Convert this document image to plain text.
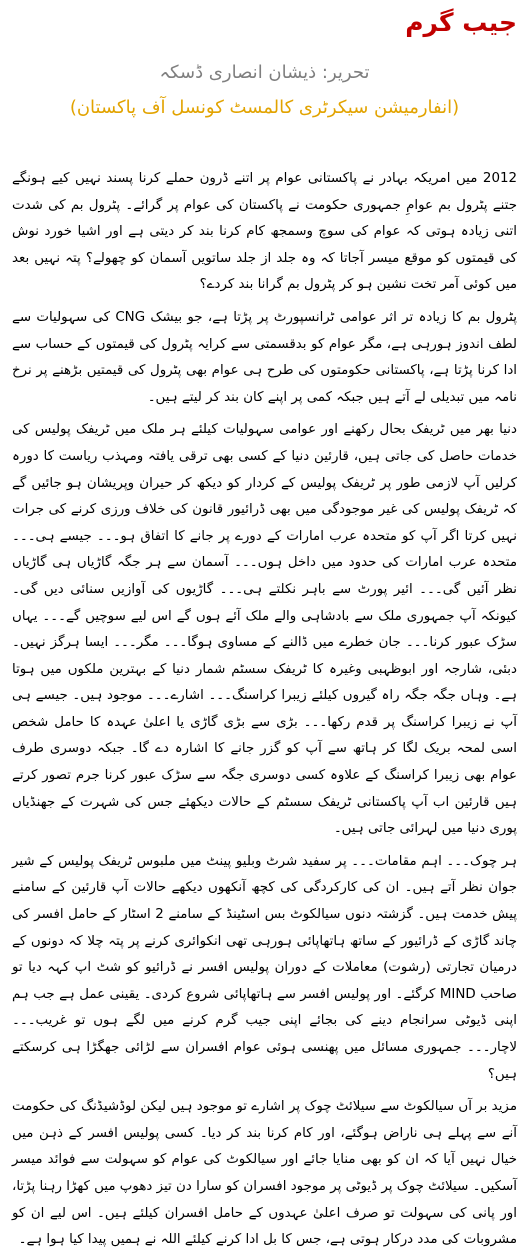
جیب گرم
تحریر: ذیشان انصاری ڈسکہ
(انفارمیشن سیکرٹری کالمسٹ کونسل آف پاکستان)

2012 میں امریکہ بہادر نے پاکستانی عوام پر اتنے ڈرون حملے کرنا پسند نہیں کیے ہونگے جتنے پٹرول بم عوامِ جمہوری حکومت نے پاکستان کی عوام پر گرائے۔ پٹرول بم کی شدت اتنی زیادہ ہوتی کہ عوام کی سوچ وسمجھ کام کرنا بند کر دیتی ہے اور اشیا خورد نوش کی قیمتوں کو موقع میسر آجاتا کہ وہ جلد از جلد ساتویں آسمان کو چھولے؟ پتہ نہیں بعد میں کوئی آمر تخت نشین ہو کر پٹرول بم گرانا بند کردے؟

پٹرول بم کا زیادہ تر اثر عوامی ٹرانسپورٹ پر پڑتا ہے، جو بیشک CNG کی سہولیات سے لطف اندوز ہورہی ہے، مگر عوام کو بدقسمتی سے کرایہ پٹرول کی قیمتوں کے حساب سے ادا کرنا پڑتا ہے، پاکستانی حکومتوں کی طرح ہی عوام بھی پٹرول کی قیمتیں بڑھنے پر نرخ نامہ میں تبدیلی لے آتے ہیں جبکہ کمی پر اپنے کان بند کر لیتے ہیں۔

دنیا بھر میں ٹریفک بحال رکھنے اور عوامی سہولیات کیلئے ہر ملک میں ٹریفک پولیس کی خدمات حاصل کی جاتی ہیں، قارئین دنیا کے کسی بھی ترقی یافتہ ومہذب ریاست کا دورہ کرلیں آپ لازمی طور پر ٹریفک پولیس کے کردار کو دیکھ کر حیران وپریشان ہو جائیں گے کہ ٹریفک پولیس کی غیر موجودگی میں بھی ڈرائیور قانون کی خلاف ورزی کرنے کی جرات نہیں کرتا اگر آپ کو متحدہ عرب امارات کے دورے پر جانے کا اتفاق ہو۔۔۔ جیسے ہی۔۔۔ متحدہ عرب امارات کی حدود میں داخل ہوں۔۔۔ آسمان سے ہر جگہ گاڑیاں ہی گاڑیاں نظر آئیں گی۔۔۔ ائیر پورٹ سے باہر نکلتے ہی۔۔۔ گاڑیوں کی آوازیں سنائی دیں گی۔ کیونکہ آپ جمہوری ملک سے بادشاہی والے ملک آئے ہوں گے اس لیے سوچیں گے۔۔۔ یہاں سڑک عبور کرنا۔۔۔ جان خطرے میں ڈالنے کے مساوی ہوگا۔۔۔ مگر۔۔۔ ایسا ہرگز نہیں۔ دبئی، شارجہ اور ابوظہبی وغیرہ کا ٹریفک سسٹم شمار دنیا کے بہترین ملکوں میں ہوتا ہے۔ وہاں جگہ جگہ راہ گیروں کیلئے زیبرا کراسنگ۔۔۔ اشارے۔۔۔ موجود ہیں۔ جیسے ہی آپ نے زیبرا کراسنگ پر قدم رکھا۔۔۔ بڑی سے بڑی گاڑی یا اعلیٰ عہدہ کا حامل شخص اسی لمحہ بریک لگا کر ہاتھ سے آپ کو گزر جانے کا اشارہ دے گا۔ جبکہ دوسری طرف عوام بھی زیبرا کراسنگ کے علاوہ کسی دوسری جگہ سے سڑک عبور کرنا جرم تصور کرتے ہیں قارئین اب آپ پاکستانی ٹریفک سسٹم کے حالات دیکھئے جس کی شہرت کے جھنڈیاں پوری دنیا میں لہرائی جاتی ہیں۔

ہر چوک۔۔۔ اہم مقامات۔۔۔ پر سفید شرٹ وبلیو پینٹ میں ملبوس ٹریفک پولیس کے شیر جوان نظر آتے ہیں۔ ان کی کارکردگی کی کچھ آنکھوں دیکھے حالات آپ قارئین کے سامنے پیش خدمت ہیں۔ گزشتہ دنوں سیالکوٹ بس اسٹینڈ کے سامنے 2 اسٹار کے حامل افسر کی چاند گاڑی کے ڈرائیور کے ساتھ ہاتھاپائی ہورہی تھی انکوائری کرنے پر پتہ چلا کہ دونوں کے درمیان تجارتی (رشوت) معاملات کے دوران پولیس افسر نے ڈرائیو کو شٹ اپ کہہ دیا تو صاحب MIND کرگئے۔ اور پولیس افسر سے ہاتھاپائی شروع کردی۔ یقینی عمل ہے جب ہم اپنی ڈیوٹی سرانجام دینے کی بجائے اپنی جیب گرم کرنے میں لگے ہوں تو غریب۔۔۔ لاچار۔۔۔ جمہوری مسائل میں پھنسی ہوئی عوام افسران سے لڑائی جھگڑا ہی کرسکتے ہیں؟

مزید بر آں سیالکوٹ سے سیلائٹ چوک پر اشارے تو موجود ہیں لیکن لوڈشیڈنگ کی حکومت آنے سے پہلے ہی ناراض ہوگئے، اور کام کرنا بند کر دیا۔ کسی پولیس افسر کے ذہن میں خیال نہیں آیا کہ ان کو بھی منایا جائے اور سیالکوٹ کی عوام کو سہولت سے فوائد میسر آسکیں۔ سیلائٹ چوک پر ڈیوٹی پر موجود افسران کو سارا دن تیز دھوپ میں کھڑا رہنا پڑتا، اور پانی کی سہولت تو صرف اعلیٰ عہدوں کے حامل افسران کیلئے ہیں۔ اس لیے ان کو مشروبات کی مدد درکار ہوتی ہے، جس کا بل ادا کرنے کیلئے اللہ نے ہمیں پیدا کیا ہوا ہے۔
